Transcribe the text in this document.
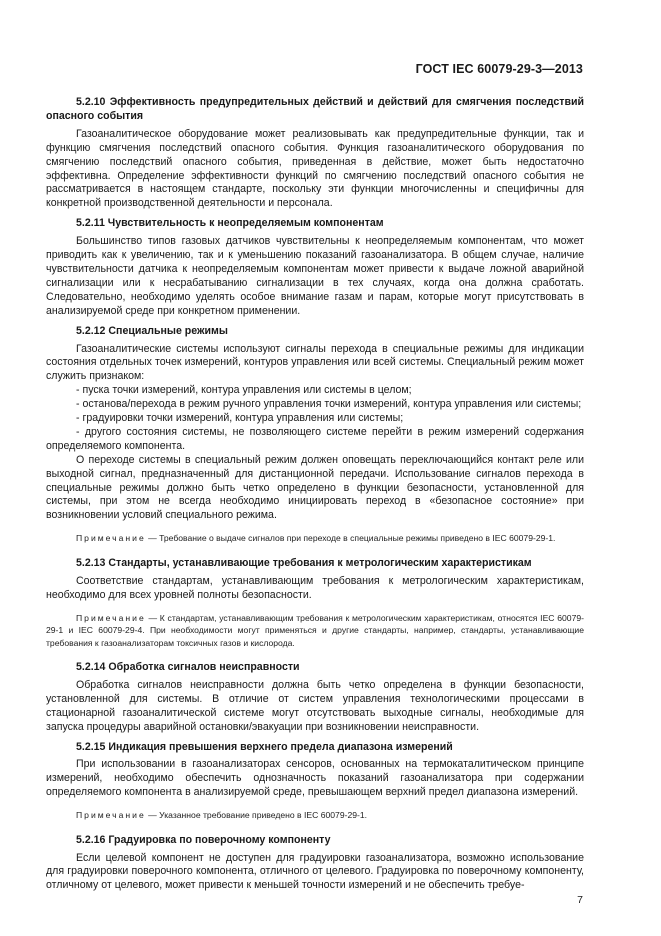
ГОСТ IEC 60079-29-3—2013
5.2.10 Эффективность предупредительных действий и действий для смягчения последствий опасного события

Газоаналитическое оборудование может реализовывать как предупредительные функции, так и функцию смягчения последствий опасного события. Функция газоаналитического оборудования по смягчению последствий опасного события, приведенная в действие, может быть недостаточно эффективна. Определение эффективности функций по смягчению последствий опасного события не рассматривается в настоящем стандарте, поскольку эти функции многочисленны и специфичны для конкретной производственной деятельности и персонала.

5.2.11 Чувствительность к неопределяемым компонентам

Большинство типов газовых датчиков чувствительны к неопределяемым компонентам, что может приводить как к увеличению, так и к уменьшению показаний газоанализатора. В общем случае, наличие чувствительности датчика к неопределяемым компонентам может привести к выдаче ложной аварийной сигнализации или к несрабатыванию сигнализации в тех случаях, когда она должна сработать. Следовательно, необходимо уделять особое внимание газам и парам, которые могут присутствовать в анализируемой среде при конкретном применении.

5.2.12 Специальные режимы

Газоаналитические системы используют сигналы перехода в специальные режимы для индикации состояния отдельных точек измерений, контуров управления или всей системы. Специальный режим может служить признаком:

- пуска точки измерений, контура управления или системы в целом;

- останова/перехода в режим ручного управления точки измерений, контура управления или системы;

- градуировки точки измерений, контура управления или системы;

- другого состояния системы, не позволяющего системе перейти в режим измерений содержания определяемого компонента.

О переходе системы в специальный режим должен оповещать переключающийся контакт реле или выходной сигнал, предназначенный для дистанционной передачи. Использование сигналов перехода в специальные режимы должно быть четко определено в функции безопасности, установленной для системы, при этом не всегда необходимо инициировать переход в «безопасное состояние» при возникновении условий специального режима.

Примечание — Требование о выдаче сигналов при переходе в специальные режимы приведено в IEC 60079-29-1.

5.2.13 Стандарты, устанавливающие требования к метрологическим характеристикам

Соответствие стандартам, устанавливающим требования к метрологическим характеристикам, необходимо для всех уровней полноты безопасности.

Примечание — К стандартам, устанавливающим требования к метрологическим характеристикам, относятся IEC 60079-29-1 и IEC 60079-29-4. При необходимости могут применяться и другие стандарты, например, стандарты, устанавливающие требования к газоанализаторам токсичных газов и кислорода.

5.2.14 Обработка сигналов неисправности

Обработка сигналов неисправности должна быть четко определена в функции безопасности, установленной для системы. В отличие от систем управления технологическими процессами в стационарной газоаналитической системе могут отсутствовать выходные сигналы, необходимые для запуска процедуры аварийной остановки/эвакуации при возникновении неисправности.

5.2.15 Индикация превышения верхнего предела диапазона измерений

При использовании в газоанализаторах сенсоров, основанных на термокаталитическом принципе измерений, необходимо обеспечить однозначность показаний газоанализатора при содержании определяемого компонента в анализируемой среде, превышающем верхний предел диапазона измерений.

Примечание — Указанное требование приведено в IEC 60079-29-1.

5.2.16 Градуировка по поверочному компоненту

Если целевой компонент не доступен для градуировки газоанализатора, возможно использование для градуировки поверочного компонента, отличного от целевого. Градуировка по поверочному компоненту, отличному от целевого, может привести к меньшей точности измерений и не обеспечить требуе-

7
